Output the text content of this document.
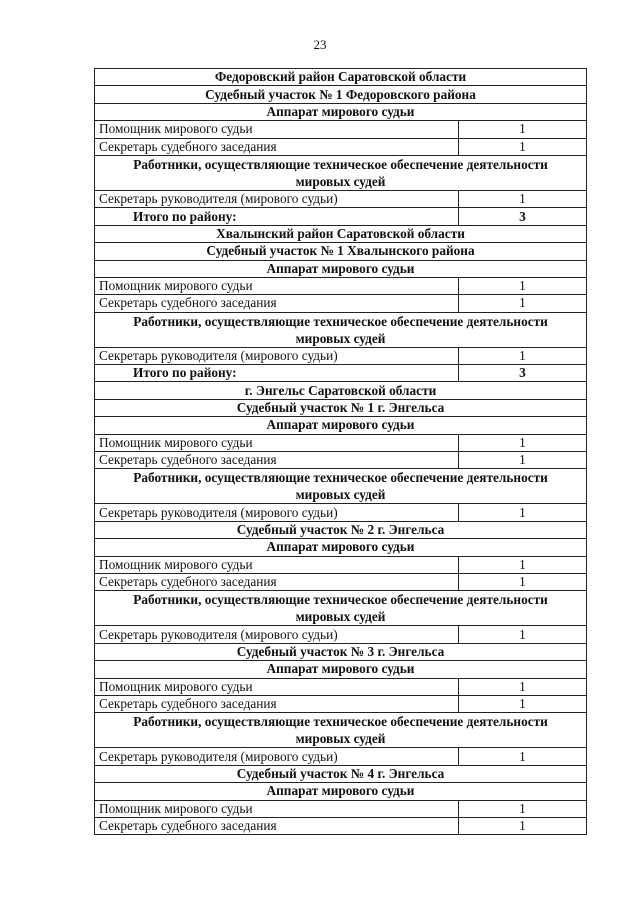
23
Федоровский район Саратовской области	
Судебный участок № 1 Федоровского района	
Аппарат мирового судьи	
Помощник мирового судьи	1
Секретарь судебного заседания	1
Работники, осуществляющие техническое обеспечение деятельности мировых судей	
Секретарь руководителя (мирового судьи)	1
Итого по району:	3
Хвалынский район Саратовской области	
Судебный участок № 1 Хвалынского района	
Аппарат мирового судьи	
Помощник мирового судьи	1
Секретарь судебного заседания	1
Работники, осуществляющие техническое обеспечение деятельности мировых судей	
Секретарь руководителя (мирового судьи)	1
Итого по району:	3
г. Энгельс Саратовской области	
Судебный участок № 1 г. Энгельса	
Аппарат мирового судьи	
Помощник мирового судьи	1
Секретарь судебного заседания	1
Работники, осуществляющие техническое обеспечение деятельности мировых судей	
Секретарь руководителя (мирового судьи)	1
Судебный участок № 2 г. Энгельса	
Аппарат мирового судьи	
Помощник мирового судьи	1
Секретарь судебного заседания	1
Работники, осуществляющие техническое обеспечение деятельности мировых судей	
Секретарь руководителя (мирового судьи)	1
Судебный участок № 3 г. Энгельса	
Аппарат мирового судьи	
Помощник мирового судьи	1
Секретарь судебного заседания	1
Работники, осуществляющие техническое обеспечение деятельности мировых судей	
Секретарь руководителя (мирового судьи)	1
Судебный участок № 4 г. Энгельса	
Аппарат мирового судьи	
Помощник мирового судьи	1
Секретарь судебного заседания	1
